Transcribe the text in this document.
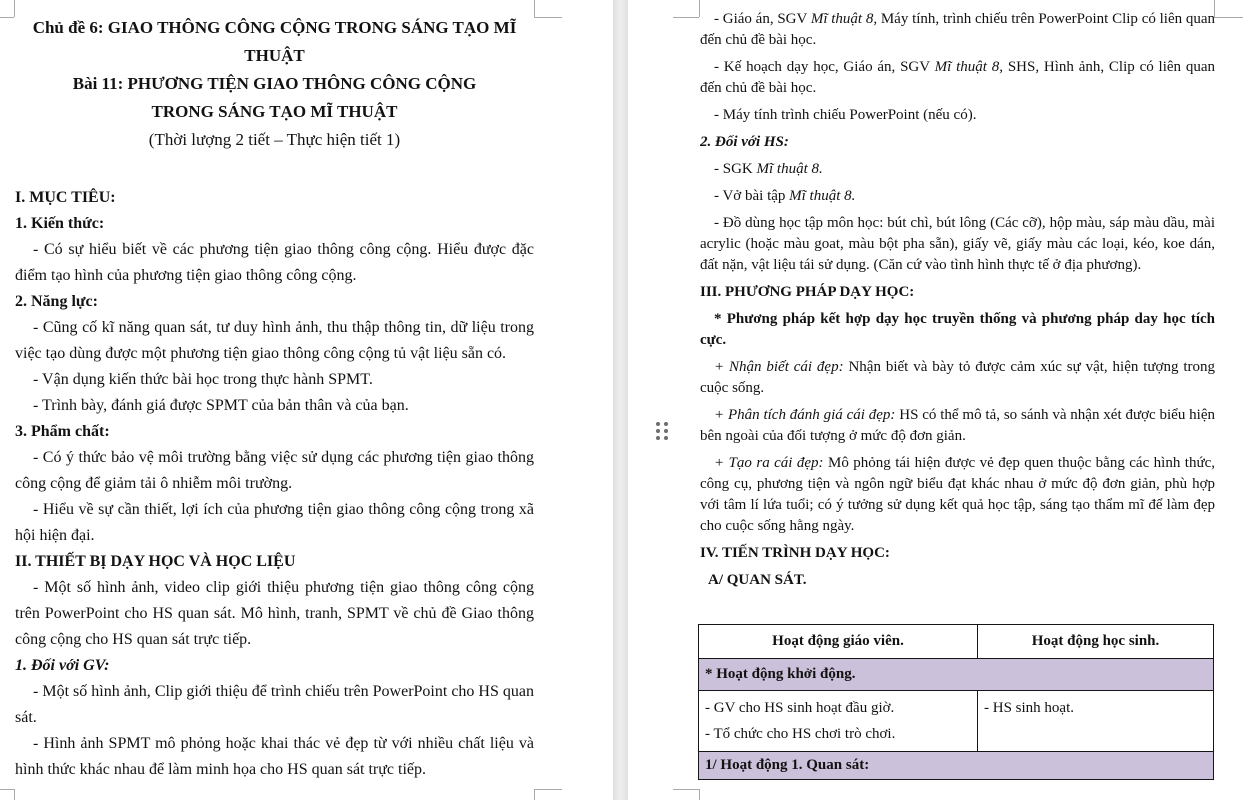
Chủ đề 6: GIAO THÔNG CÔNG CỘNG TRONG SÁNG TẠO MĨ THUẬT

Bài 11: PHƯƠNG TIỆN GIAO THÔNG CÔNG CỘNG

TRONG SÁNG TẠO MĨ THUẬT

(Thời lượng 2 tiết – Thực hiện tiết 1)

I. MỤC TIÊU:

1. Kiến thức:

- Có sự hiểu biết về các phương tiện giao thông công cộng. Hiểu được đặc điểm tạo hình của phương tiện giao thông công cộng.

2. Năng lực:

- Cũng cố kĩ năng quan sát, tư duy hình ảnh, thu thập thông tin, dữ liệu trong việc tạo dùng được một phương tiện giao thông công cộng tủ vật liệu sẵn có.

- Vận dụng kiến thức bài học trong thực hành SPMT.

- Trình bày, đánh giá được SPMT của bản thân và của bạn.

3. Phẩm chất:

- Có ý thức bảo vệ môi trường bằng việc sử dụng các phương tiện giao thông công cộng để giảm tải ô nhiễm môi trường.

- Hiểu về sự cần thiết, lợi ích của phương tiện giao thông công cộng trong xã hội hiện đại.

II. THIẾT BỊ DẠY HỌC VÀ HỌC LIỆU

- Một số hình ảnh, video clip giới thiệu phương tiện giao thông công cộng trên PowerPoint cho HS quan sát. Mô hình, tranh, SPMT về chủ đề Giao thông công cộng cho HS quan sát trực tiếp.

1. Đối với GV:

- Một số hình ảnh, Clip giới thiệu để trình chiếu trên PowerPoint cho HS quan sát.

- Hình ảnh SPMT mô phỏng hoặc khai thác vẻ đẹp từ với nhiều chất liệu và hình thức khác nhau để làm minh họa cho HS quan sát trực tiếp.

- Giáo án, SGV Mĩ thuật 8, Máy tính, trình chiếu trên PowerPoint Clip có liên quan đến chủ đề bài học.

- Kế hoạch dạy học, Giáo án, SGV Mĩ thuật 8, SHS, Hình ảnh, Clip có liên quan đến chủ đề bài học.

- Máy tính trình chiếu PowerPoint (nếu có).

2. Đối với HS:

- SGK Mĩ thuật 8.

- Vở bài tập Mĩ thuật 8.

- Đồ dùng học tập môn học: bút chì, bút lông (Các cỡ), hộp màu, sáp màu dầu, mài acrylic (hoặc màu goat, màu bột pha sẵn), giấy vẽ, giấy màu các loại, kéo, koe dán, đất nặn, vật liệu tái sử dụng. (Căn cứ vào tình hình thực tế ở địa phương).

III. PHƯƠNG PHÁP DẠY HỌC:

* Phương pháp kết hợp dạy học truyền thống và phương pháp day học tích cực.

+ Nhận biết cái đẹp: Nhận biết và bày tỏ được cảm xúc sự vật, hiện tượng trong cuộc sống.

+ Phân tích đánh giá cái đẹp: HS có thể mô tả, so sánh và nhận xét được biểu hiện bên ngoài của đối tượng ở mức độ đơn giản.

+ Tạo ra cái đẹp: Mô phỏng tái hiện được vẻ đẹp quen thuộc bằng các hình thức, công cụ, phương tiện và ngôn ngữ biểu đạt khác nhau ở mức độ đơn giản, phù hợp với tâm lí lứa tuổi; có ý tưởng sử dụng kết quả học tập, sáng tạo thẩm mĩ để làm đẹp cho cuộc sống hằng ngày.

IV. TIẾN TRÌNH DẠY HỌC:

A/ QUAN SÁT.

Hoạt động giáo viên.	Hoạt động học sinh.
* Hoạt động khởi động.	

- GV cho HS sinh hoạt đầu giờ.
- Tổ chức cho HS chơi trò chơi.	- HS sinh hoạt.

1/ Hoạt động 1. Quan sát:	
